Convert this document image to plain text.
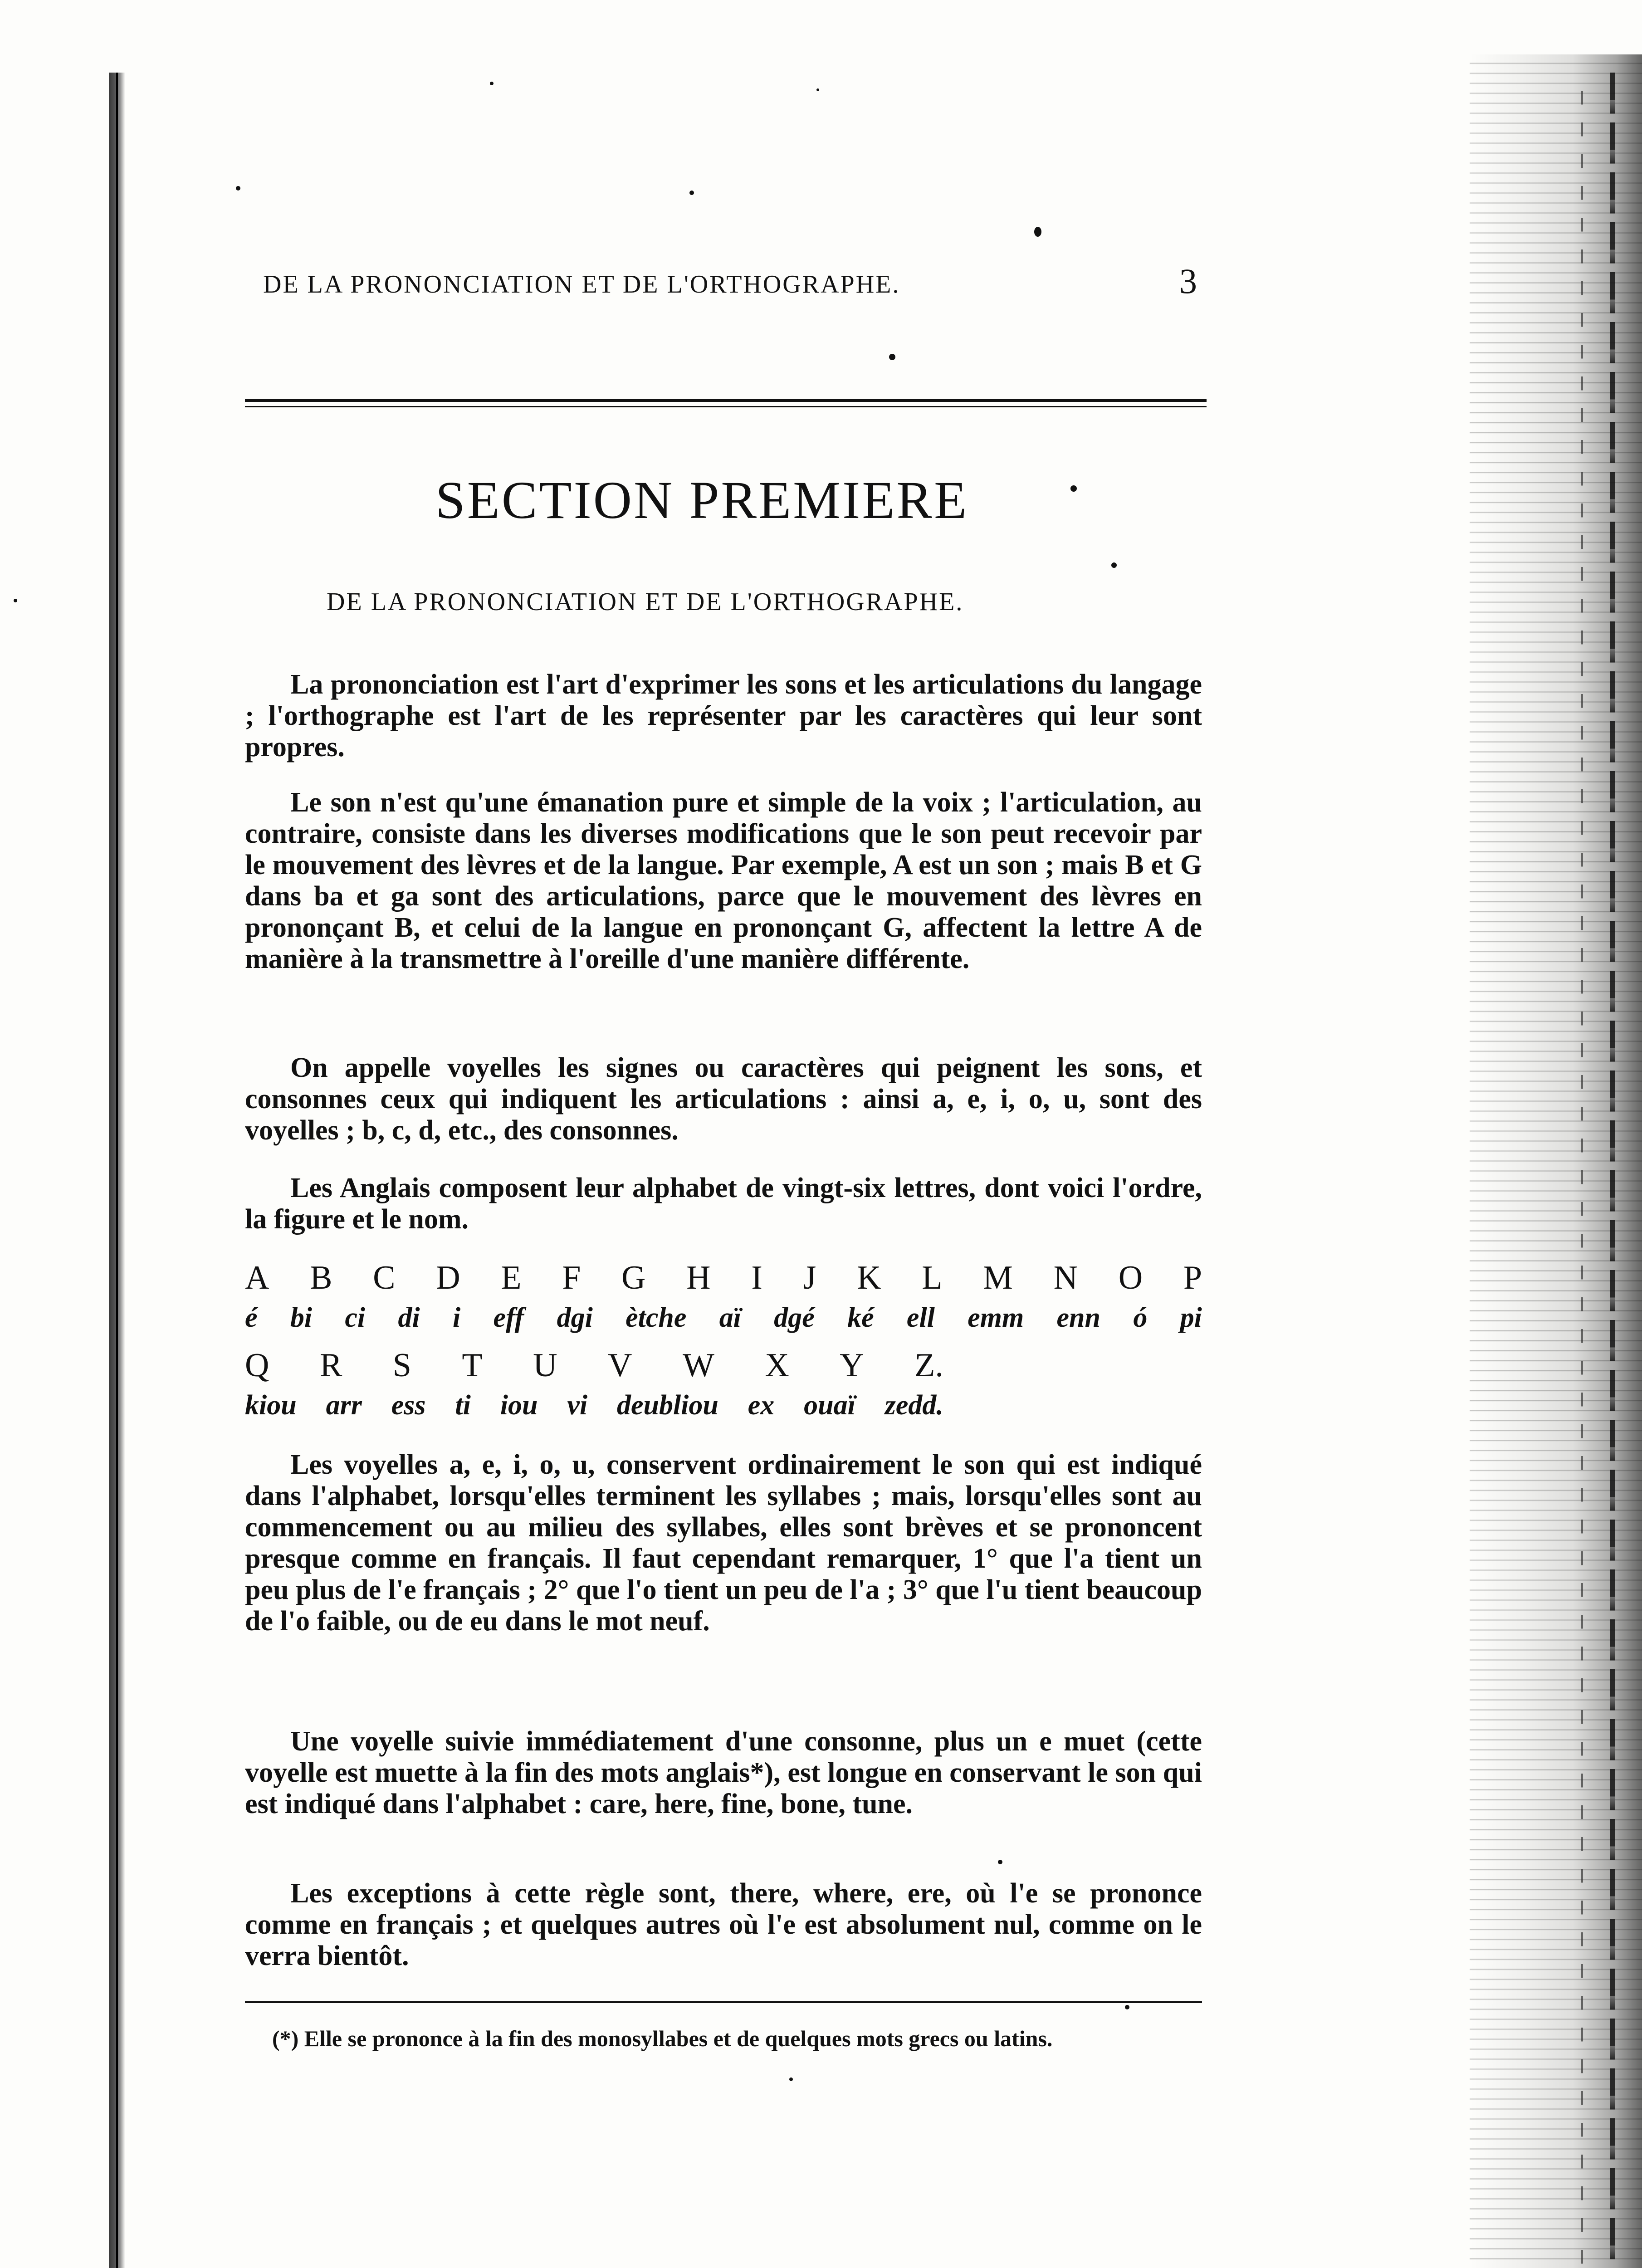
DE LA PRONONCIATION ET DE L'ORTHOGRAPHE.	3
SECTION PREMIERE
DE LA PRONONCIATION ET DE L'ORTHOGRAPHE.
La prononciation est l'art d'exprimer les sons et les articulations du langage ; l'orthographe est l'art de les représenter par les caractères qui leur sont propres.
Le son n'est qu'une émanation pure et simple de la voix ; l'articulation, au contraire, consiste dans les diverses modifications que le son peut recevoir par le mouvement des lèvres et de la langue. Par exemple, A est un son ; mais B et G dans ba et ga sont des articulations, parce que le mouvement des lèvres en prononçant B, et celui de la langue en prononçant G, affectent la lettre A de manière à la transmettre à l'oreille d'une manière différente.
On appelle voyelles les signes ou caractères qui peignent les sons, et consonnes ceux qui indiquent les articulations : ainsi a, e, i, o, u, sont des voyelles ; b, c, d, etc., des consonnes.
Les Anglais composent leur alphabet de vingt-six lettres, dont voici l'ordre, la figure et le nom.
A B C D E F G H I J K L M N O P
é bi ci di i eff dgi ètche aï dgé ké ell emm enn ó pi
Q R S T U V W X Y Z.
kiou arr ess ti iou vi deubliou ex ouaï zedd.
Les voyelles a, e, i, o, u, conservent ordinairement le son qui est indiqué dans l'alphabet, lorsqu'elles terminent les syllabes ; mais, lorsqu'elles sont au commencement ou au milieu des syllabes, elles sont brèves et se prononcent presque comme en français. Il faut cependant remarquer, 1° que l'a tient un peu plus de l'e français ; 2° que l'o tient un peu de l'a ; 3° que l'u tient beaucoup de l'o faible, ou de eu dans le mot neuf.
Une voyelle suivie immédiatement d'une consonne, plus un e muet (cette voyelle est muette à la fin des mots anglais*), est longue en conservant le son qui est indiqué dans l'alphabet : care, here, fine, bone, tune.
Les exceptions à cette règle sont, there, where, ere, où l'e se prononce comme en français ; et quelques autres où l'e est absolument nul, comme on le verra bientôt.
(*) Elle se prononce à la fin des monosyllabes et de quelques mots grecs ou latins.
